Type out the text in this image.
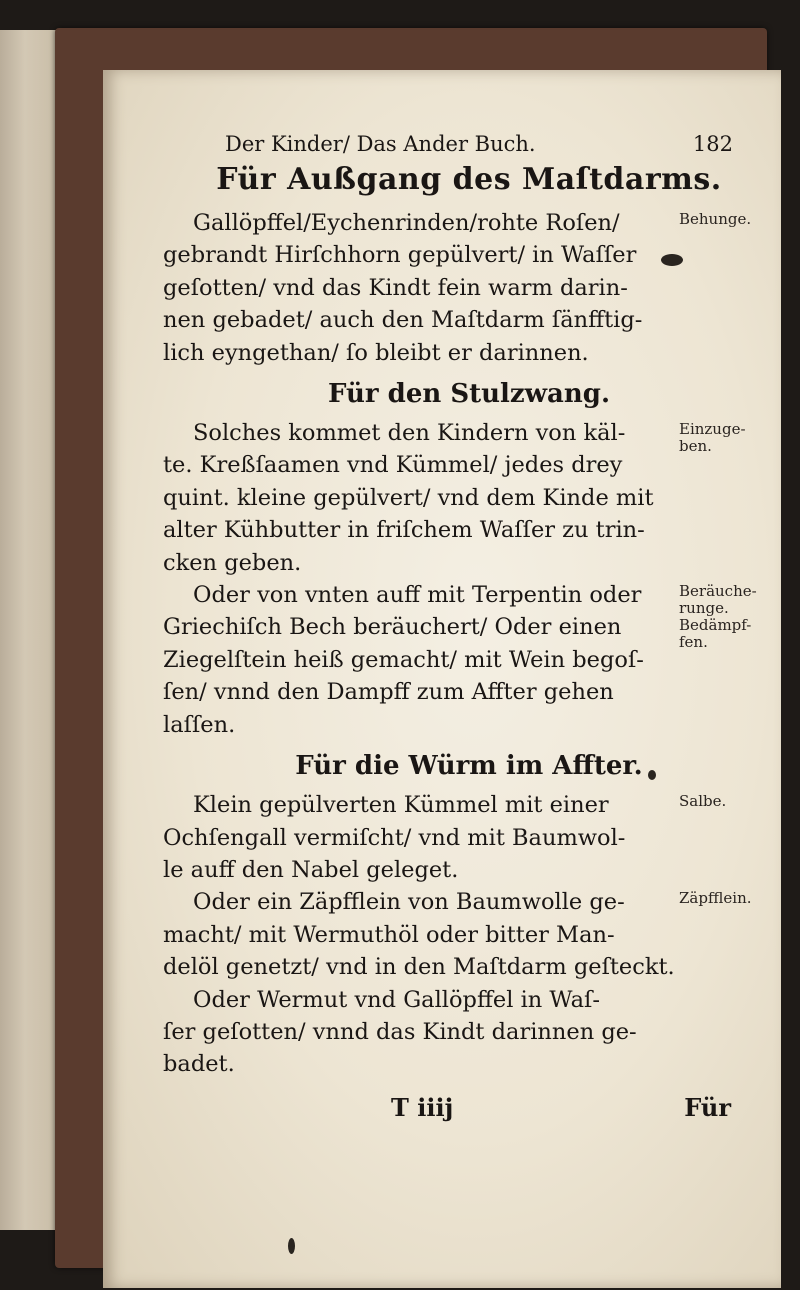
Der Kinder/ Das Ander Buch.	182
Für Außgang des Maſtdarms.
Behunge.
Gallöpffel/Eychenrinden/rohte Roſen/
gebrandt Hirſchhorn gepülvert/ in Waſſer
geſotten/ vnd das Kindt fein warm darin-
nen gebadet/ auch den Maſtdarm ſänfftig-
lich eyngethan/ ſo bleibt er darinnen.
Für den Stulzwang.
Einzuge-ben.
Solches kommet den Kindern von käl-
te. Kreßſaamen vnd Kümmel/ jedes drey
quint. kleine gepülvert/ vnd dem Kinde mit
alter Kühbutter in friſchem Waſſer zu trin-
cken geben.
Beräuche-runge. Bedämpf-fen.
Oder von vnten auff mit Terpentin oder
Griechiſch Bech beräuchert/ Oder einen
Ziegelſtein heiß gemacht/ mit Wein begoſ-
ſen/ vnnd den Dampff zum Affter gehen
laſſen.
Für die Würm im Affter.
Salbe.
Klein gepülverten Kümmel mit einer
Ochſengall vermiſcht/ vnd mit Baumwol-
le auff den Nabel geleget.
Zäpfflein.
Oder ein Zäpfflein von Baumwolle ge-
macht/ mit Wermuthöl oder bitter Man-
delöl genetzt/ vnd in den Maſtdarm geſteckt.
Oder Wermut vnd Gallöpffel in Waſ-
ſer geſotten/ vnnd das Kindt darinnen ge-
badet.
T iiij	Für
